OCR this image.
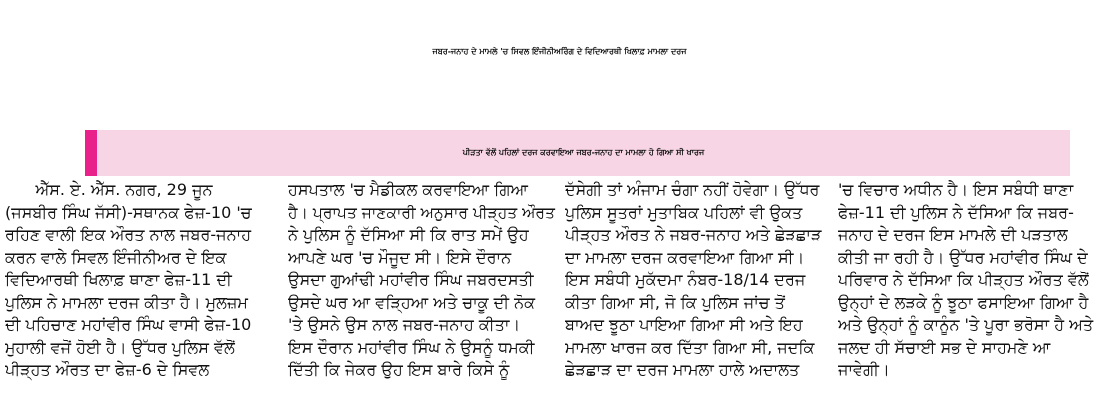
ਜਬਰ-ਜਨਾਹ ਦੇ ਮਾਮਲੇ 'ਚ ਸਿਵਲ ਇੰਜੀਨੀਅਰਿੰਗ ਦੇ ਵਿਦਿਆਰਥੀ ਖਿਲਾਫ਼ ਮਾਮਲਾ ਦਰਜ
ਪੀੜਤਾ ਵੱਲੋਂ ਪਹਿਲਾਂ ਦਰਜ ਕਰਵਾਇਆ ਜਬਰ-ਜਨਾਹ ਦਾ ਮਾਮਲਾ ਹੋ ਗਿਆ ਸੀ ਖਾਰਜ
ਐੱਸ. ਏ. ਐੱਸ. ਨਗਰ, 29 ਜੂਨ
(ਜਸਬੀਰ ਸਿੰਘ ਜੱਸੀ)-ਸਥਾਨਕ ਫੇਜ਼-10 'ਚ
ਰਹਿਣ ਵਾਲੀ ਇਕ ਔਰਤ ਨਾਲ ਜਬਰ-ਜਨਾਹ
ਕਰਨ ਵਾਲੇ ਸਿਵਲ ਇੰਜੀਨੀਅਰ ਦੇ ਇਕ
ਵਿਦਿਆਰਥੀ ਖਿਲਾਫ਼ ਥਾਣਾ ਫੇਜ਼-11 ਦੀ
ਪੁਲਿਸ ਨੇ ਮਾਮਲਾ ਦਰਜ ਕੀਤਾ ਹੈ। ਮੁਲਜ਼ਮ
ਦੀ ਪਹਿਚਾਣ ਮਹਾਂਵੀਰ ਸਿੰਘ ਵਾਸੀ ਫੇਜ਼-10
ਮੁਹਾਲੀ ਵਜੋਂ ਹੋਈ ਹੈ। ਉੱਧਰ ਪੁਲਿਸ ਵੱਲੋਂ
ਪੀੜ੍ਹਤ ਔਰਤ ਦਾ ਫੇਜ਼-6 ਦੇ ਸਿਵਲ
ਹਸਪਤਾਲ 'ਚ ਮੈਡੀਕਲ ਕਰਵਾਇਆ ਗਿਆ
ਹੈ। ਪ੍ਰਾਪਤ ਜਾਣਕਾਰੀ ਅਨੁਸਾਰ ਪੀੜ੍ਹਤ ਔਰਤ
ਨੇ ਪੁਲਿਸ ਨੂੰ ਦੱਸਿਆ ਸੀ ਕਿ ਰਾਤ ਸਮੇਂ ਉਹ
ਆਪਣੇ ਘਰ 'ਚ ਮੌਜੂਦ ਸੀ। ਇਸੇ ਦੌਰਾਨ
ਉਸਦਾ ਗੁਆਂਢੀ ਮਹਾਂਵੀਰ ਸਿੰਘ ਜਬਰਦਸਤੀ
ਉਸਦੇ ਘਰ ਆ ਵੜ੍ਹਿਆ ਅਤੇ ਚਾਕੂ ਦੀ ਨੋਕ
'ਤੇ ਉਸਨੇ ਉਸ ਨਾਲ ਜਬਰ-ਜਨਾਹ ਕੀਤਾ।
ਇਸ ਦੌਰਾਨ ਮਹਾਂਵੀਰ ਸਿੰਘ ਨੇ ਉਸਨੂੰ ਧਮਕੀ
ਦਿੱਤੀ ਕਿ ਜੇਕਰ ਉਹ ਇਸ ਬਾਰੇ ਕਿਸੇ ਨੂੰ
ਦੱਸੇਗੀ ਤਾਂ ਅੰਜਾਮ ਚੰਗਾ ਨਹੀਂ ਹੋਵੇਗਾ। ਉੱਧਰ
ਪੁਲਿਸ ਸੂਤਰਾਂ ਮੁਤਾਬਿਕ ਪਹਿਲਾਂ ਵੀ ਉਕਤ
ਪੀੜ੍ਹਤ ਔਰਤ ਨੇ ਜਬਰ-ਜਨਾਹ ਅਤੇ ਛੇੜਛਾੜ
ਦਾ ਮਾਮਲਾ ਦਰਜ ਕਰਵਾਇਆ ਗਿਆ ਸੀ।
ਇਸ ਸਬੰਧੀ ਮੁਕੱਦਮਾ ਨੰਬਰ-18/14 ਦਰਜ
ਕੀਤਾ ਗਿਆ ਸੀ, ਜੋ ਕਿ ਪੁਲਿਸ ਜਾਂਚ ਤੋਂ
ਬਾਅਦ ਝੂਠਾ ਪਾਇਆ ਗਿਆ ਸੀ ਅਤੇ ਇਹ
ਮਾਮਲਾ ਖਾਰਜ ਕਰ ਦਿੱਤਾ ਗਿਆ ਸੀ, ਜਦਕਿ
ਛੇੜਛਾੜ ਦਾ ਦਰਜ ਮਾਮਲਾ ਹਾਲੇ ਅਦਾਲਤ
'ਚ ਵਿਚਾਰ ਅਧੀਨ ਹੈ। ਇਸ ਸਬੰਧੀ ਥਾਣਾ
ਫੇਜ਼-11 ਦੀ ਪੁਲਿਸ ਨੇ ਦੱਸਿਆ ਕਿ ਜਬਰ-
ਜਨਾਹ ਦੇ ਦਰਜ ਇਸ ਮਾਮਲੇ ਦੀ ਪੜਤਾਲ
ਕੀਤੀ ਜਾ ਰਹੀ ਹੈ। ਉੱਧਰ ਮਹਾਂਵੀਰ ਸਿੰਘ ਦੇ
ਪਰਿਵਾਰ ਨੇ ਦੱਸਿਆ ਕਿ ਪੀੜ੍ਹਤ ਔਰਤ ਵੱਲੋਂ
ਉਨ੍ਹਾਂ ਦੇ ਲੜਕੇ ਨੂੰ ਝੂਠਾ ਫਸਾਇਆ ਗਿਆ ਹੈ
ਅਤੇ ਉਨ੍ਹਾਂ ਨੂੰ ਕਾਨੂੰਨ 'ਤੇ ਪੂਰਾ ਭਰੋਸਾ ਹੈ ਅਤੇ
ਜਲਦ ਹੀ ਸੱਚਾਈ ਸਭ ਦੇ ਸਾਹਮਣੇ ਆ
ਜਾਵੇਗੀ।
